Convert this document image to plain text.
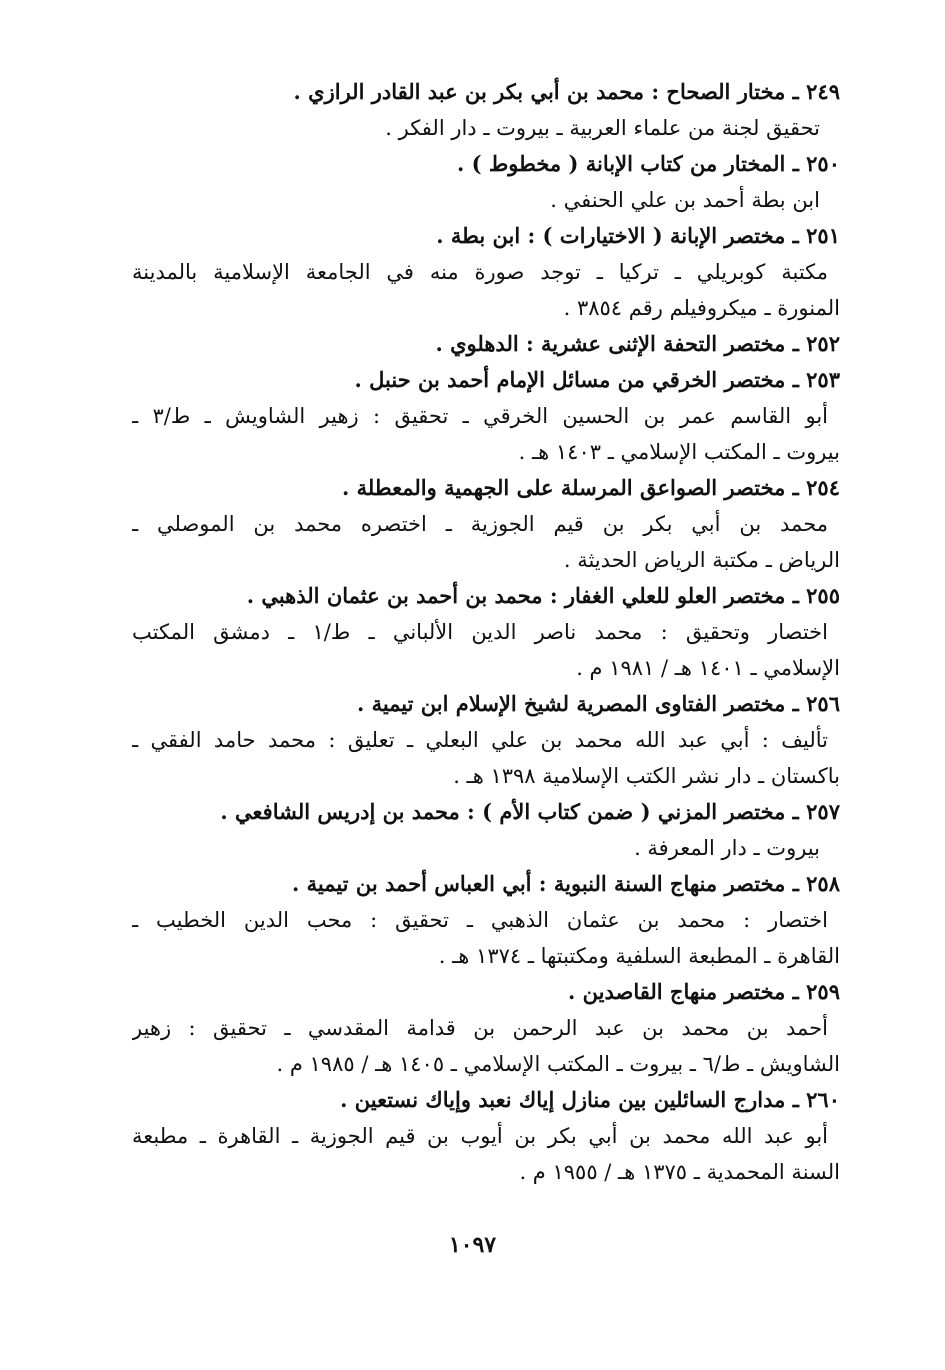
٢٤٩ ـ مختار الصحاح : محمد بن أبي بكر بن عبد القادر الرازي .
تحقيق لجنة من علماء العربية ـ بيروت ـ دار الفكر .
٢٥٠ ـ المختار من كتاب الإبانة ( مخطوط ) .
ابن بطة أحمد بن علي الحنفي .
٢٥١ ـ مختصر الإبانة ( الاختيارات ) : ابن بطة .
مكتبة كوبريلي ـ تركيا ـ توجد صورة منه في الجامعة الإسلامية بالمدينة
المنورة ـ ميكروفيلم رقم ٣٨٥٤ .
٢٥٢ ـ مختصر التحفة الإثنى عشرية : الدهلوي .
٢٥٣ ـ مختصر الخرقي من مسائل الإمام أحمد بن حنبل .
أبو القاسم عمر بن الحسين الخرقي ـ تحقيق : زهير الشاويش ـ ط/٣ ـ
بيروت ـ المكتب الإسلامي ـ ١٤٠٣ هـ .
٢٥٤ ـ مختصر الصواعق المرسلة على الجهمية والمعطلة .
محمد بن أبي بكر بن قيم الجوزية ـ اختصره محمد بن الموصلي ـ
الرياض ـ مكتبة الرياض الحديثة .
٢٥٥ ـ مختصر العلو للعلي الغفار : محمد بن أحمد بن عثمان الذهبي .
اختصار وتحقيق : محمد ناصر الدين الألباني ـ ط/١ ـ دمشق المكتب
الإسلامي ـ ١٤٠١ هـ / ١٩٨١ م .
٢٥٦ ـ مختصر الفتاوى المصرية لشيخ الإسلام ابن تيمية .
تأليف : أبي عبد الله محمد بن علي البعلي ـ تعليق : محمد حامد الفقي ـ
باكستان ـ دار نشر الكتب الإسلامية ١٣٩٨ هـ .
٢٥٧ ـ مختصر المزني ( ضمن كتاب الأم ) : محمد بن إدريس الشافعي .
بيروت ـ دار المعرفة .
٢٥٨ ـ مختصر منهاج السنة النبوية : أبي العباس أحمد بن تيمية .
اختصار : محمد بن عثمان الذهبي ـ تحقيق : محب الدين الخطيب ـ
القاهرة ـ المطبعة السلفية ومكتبتها ـ ١٣٧٤ هـ .
٢٥٩ ـ مختصر منهاج القاصدين .
أحمد بن محمد بن عبد الرحمن بن قدامة المقدسي ـ تحقيق : زهير
الشاويش ـ ط/٦ ـ بيروت ـ المكتب الإسلامي ـ ١٤٠٥ هـ / ١٩٨٥ م .
٢٦٠ ـ مدارج السائلين بين منازل إياك نعبد وإياك نستعين .
أبو عبد الله محمد بن أبي بكر بن أيوب بن قيم الجوزية ـ القاهرة ـ مطبعة
السنة المحمدية ـ ١٣٧٥ هـ / ١٩٥٥ م .
١٠٩٧
